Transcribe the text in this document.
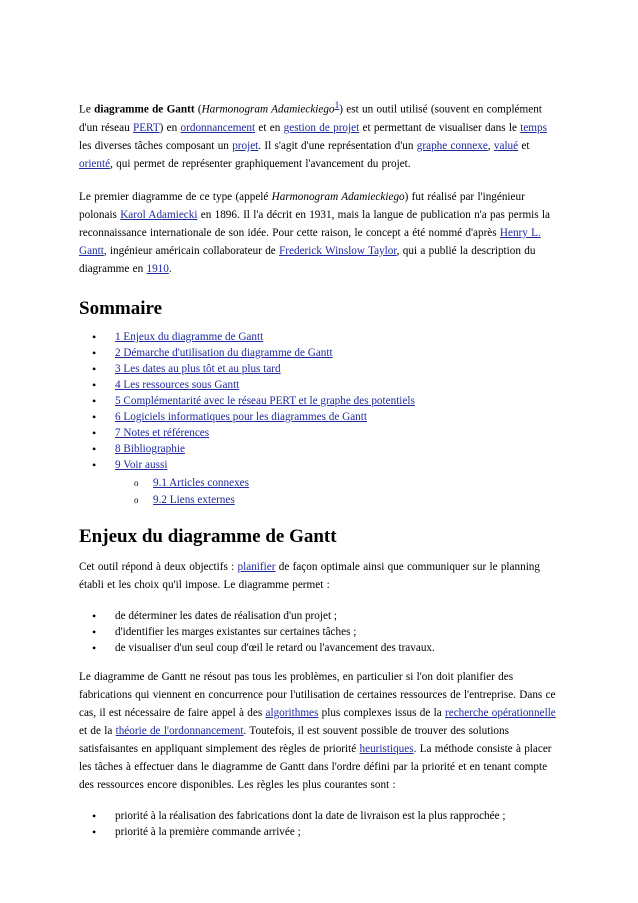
Le diagramme de Gantt (Harmonogram Adamieckiego$^1$) est un outil utilisé (souvent en complément d'un réseau PERT) en ordonnancement et en gestion de projet et permettant de visualiser dans le temps les diverses tâches composant un projet. Il s'agit d'une représentation d'un graphe connexe, valué et orienté, qui permet de représenter graphiquement l'avancement du projet.

Le premier diagramme de ce type (appelé Harmonogram Adamieckiego) fut réalisé par l'ingénieur polonais Karol Adamiecki en 1896. Il l'a décrit en 1931, mais la langue de publication n'a pas permis la reconnaissance internationale de son idée. Pour cette raison, le concept a été nommé d'après Henry L. Gantt, ingénieur américain collaborateur de Frederick Winslow Taylor, qui a publié la description du diagramme en 1910.

Sommaire
• 1 Enjeux du diagramme de Gantt
• 2 Démarche d'utilisation du diagramme de Gantt
• 3 Les dates au plus tôt et au plus tard
• 4 Les ressources sous Gantt
• 5 Complémentarité avec le réseau PERT et le graphe des potentiels
• 6 Logiciels informatiques pour les diagrammes de Gantt
• 7 Notes et références
• 8 Bibliographie
• 9 Voir aussi
o 9.1 Articles connexes
o 9.2 Liens externes
Enjeux du diagramme de Gantt

Cet outil répond à deux objectifs : planifier de façon optimale ainsi que communiquer sur le planning établi et les choix qu'il impose. Le diagramme permet :

• de déterminer les dates de réalisation d'un projet ;
• d'identifier les marges existantes sur certaines tâches ;
• de visualiser d'un seul coup d'œil le retard ou l'avancement des travaux.

Le diagramme de Gantt ne résout pas tous les problèmes, en particulier si l'on doit planifier des fabrications qui viennent en concurrence pour l'utilisation de certaines ressources de l'entreprise. Dans ce cas, il est nécessaire de faire appel à des algorithmes plus complexes issus de la recherche opérationnelle et de la théorie de l'ordonnancement. Toutefois, il est souvent possible de trouver des solutions satisfaisantes en appliquant simplement des règles de priorité heuristiques. La méthode consiste à placer les tâches à effectuer dans le diagramme de Gantt dans l'ordre défini par la priorité et en tenant compte des ressources encore disponibles. Les règles les plus courantes sont :

• priorité à la réalisation des fabrications dont la date de livraison est la plus rapprochée ;
• priorité à la première commande arrivée ;
